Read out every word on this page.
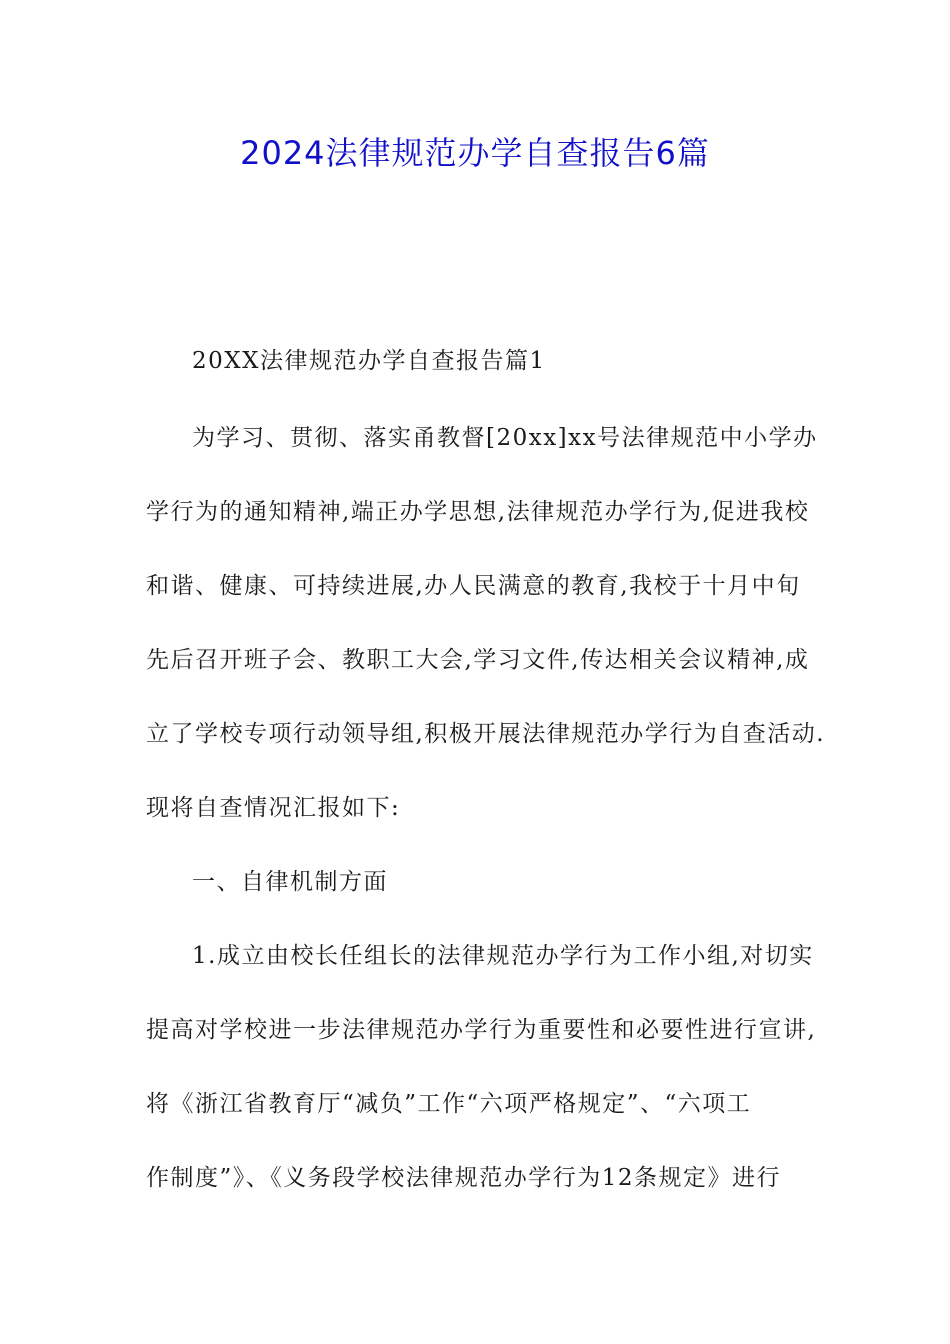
2024法律规范办学自查报告6篇
20XX法律规范办学自查报告篇1
为学习、贯彻、落实甬教督[20xx]xx号法律规范中小学办
学行为的通知精神,端正办学思想,法律规范办学行为,促进我校
和谐、健康、可持续进展,办人民满意的教育,我校于十月中旬
先后召开班子会、教职工大会,学习文件,传达相关会议精神,成
立了学校专项行动领导组,积极开展法律规范办学行为自查活动.
现将自查情况汇报如下:
一、自律机制方面
1.成立由校长任组长的法律规范办学行为工作小组,对切实
提高对学校进一步法律规范办学行为重要性和必要性进行宣讲,
将《浙江省教育厅“减负”工作“六项严格规定”、“六项工
作制度”》、《义务段学校法律规范办学行为12条规定》进行
